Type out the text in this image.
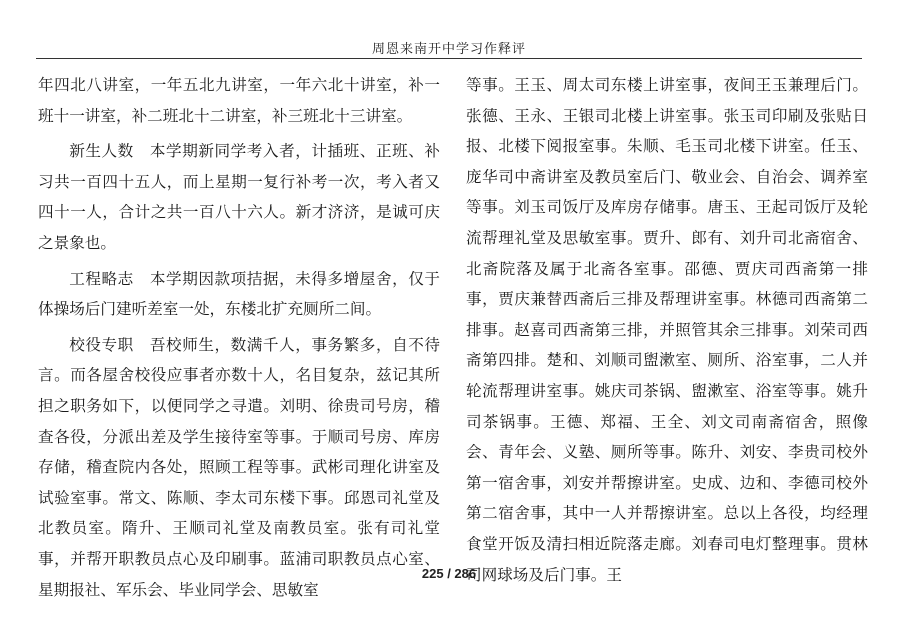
周恩来南开中学习作释评

年四北八讲室，一年五北九讲室，一年六北十讲室，补一班十一讲室，补二班北十二讲室，补三班北十三讲室。

新生人数　本学期新同学考入者，计插班、正班、补习共一百四十五人，而上星期一复行补考一次，考入者又四十一人，合计之共一百八十六人。新才济济，是诚可庆之景象也。

工程略志　本学期因款项拮据，未得多增屋舍，仅于体操场后门建听差室一处，东楼北扩充厕所二间。

校役专职　吾校师生，数满千人，事务繁多，自不待言。而各屋舍校役应事者亦数十人，名目复杂，兹记其所担之职务如下，以便同学之寻遣。刘明、徐贵司号房，稽查各役，分派出差及学生接待室等事。于顺司号房、库房存储，稽查院内各处，照顾工程等事。武彬司理化讲室及试验室事。常文、陈顺、李太司东楼下事。邱恩司礼堂及北教员室。隋升、王顺司礼堂及南教员室。张有司礼堂事，并帮开职教员点心及印刷事。蓝浦司职教员点心室、星期报社、军乐会、毕业同学会、思敏室

等事。王玉、周太司东楼上讲室事，夜间王玉兼理后门。张德、王永、王银司北楼上讲室事。张玉司印刷及张贴日报、北楼下阅报室事。朱顺、毛玉司北楼下讲室。任玉、庞华司中斋讲室及教员室后门、敬业会、自治会、调养室等事。刘玉司饭厅及库房存储事。唐玉、王起司饭厅及轮流帮理礼堂及思敏室事。贾升、郎有、刘升司北斋宿舍、北斋院落及属于北斋各室事。邵德、贾庆司西斋第一排事，贾庆兼替西斋后三排及帮理讲室事。林德司西斋第二排事。赵喜司西斋第三排，并照管其余三排事。刘荣司西斋第四排。楚和、刘顺司盥漱室、厕所、浴室事，二人并轮流帮理讲室事。姚庆司茶锅、盥漱室、浴室等事。姚升司茶锅事。王德、郑福、王全、刘文司南斋宿舍，照像会、青年会、义塾、厕所等事。陈升、刘安、李贵司校外第一宿舍事，刘安并帮擦讲室。史成、边和、李德司校外第二宿舍事，其中一人并帮擦讲室。总以上各役，均经理食堂开饭及清扫相近院落走廊。刘春司电灯整理事。贯林司网球场及后门事。王

225 / 286
